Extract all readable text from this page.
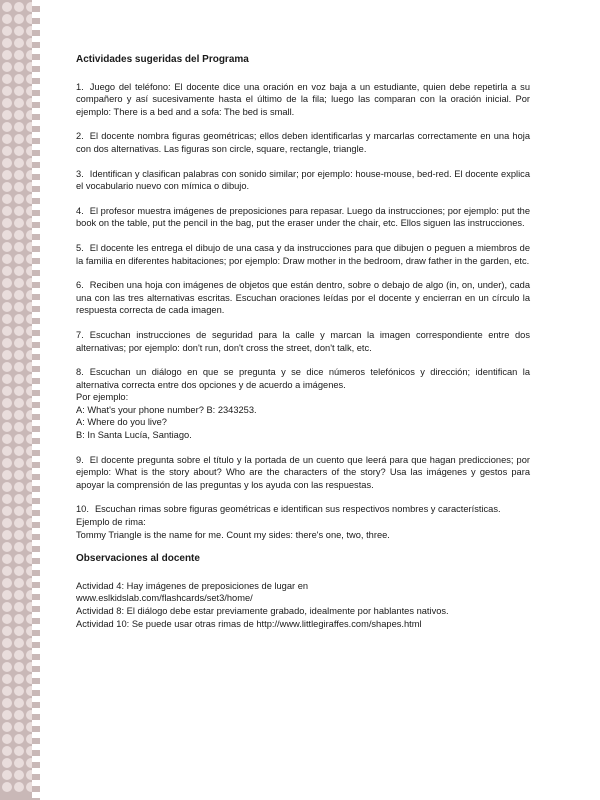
Actividades sugeridas del Programa

1. Juego del teléfono: El docente dice una oración en voz baja a un estudiante, quien debe repetirla a su compañero y así sucesivamente hasta el último de la fila; luego las comparan con la oración inicial. Por ejemplo: There is a bed and a sofa: The bed is small.

2. El docente nombra figuras geométricas; ellos deben identificarlas y marcarlas correctamente en una hoja con dos alternativas. Las figuras son circle, square, rectangle, triangle.

3. Identifican y clasifican palabras con sonido similar; por ejemplo: house-mouse, bed-red. El docente explica el vocabulario nuevo con mímica o dibujo.

4. El profesor muestra imágenes de preposiciones para repasar. Luego da instrucciones; por ejemplo: put the book on the table, put the pencil in the bag, put the eraser under the chair, etc. Ellos siguen las instrucciones.

5. El docente les entrega el dibujo de una casa y da instrucciones para que dibujen o peguen a miembros de la familia en diferentes habitaciones; por ejemplo: Draw mother in the bedroom, draw father in the garden, etc.

6. Reciben una hoja con imágenes de objetos que están dentro, sobre o debajo de algo (in, on, under), cada una con las tres alternativas escritas. Escuchan oraciones leídas por el docente y encierran en un círculo la respuesta correcta de cada imagen.

7. Escuchan instrucciones de seguridad para la calle y marcan la imagen correspondiente entre dos alternativas; por ejemplo: don't run, don't cross the street, don't talk, etc.

8. Escuchan un diálogo en que se pregunta y se dice números telefónicos y dirección; identifican la alternativa correcta entre dos opciones y de acuerdo a imágenes.
Por ejemplo:
A: What's your phone number? B: 2343253.
A: Where do you live?
B: In Santa Lucía, Santiago.

9. El docente pregunta sobre el título y la portada de un cuento que leerá para que hagan predicciones; por ejemplo: What is the story about? Who are the characters of the story? Usa las imágenes y gestos para apoyar la comprensión de las preguntas y los ayuda con las respuestas.

10. Escuchan rimas sobre figuras geométricas e identifican sus respectivos nombres y características.
Ejemplo de rima:
Tommy Triangle is the name for me. Count my sides: there's one, two, three.

Observaciones al docente

Actividad 4: Hay imágenes de preposiciones de lugar en

www.eslkidslab.com/flashcards/set3/home/

Actividad 8: El diálogo debe estar previamente grabado, idealmente por hablantes nativos.

Actividad 10: Se puede usar otras rimas de http://www.littlegiraffes.com/shapes.html
